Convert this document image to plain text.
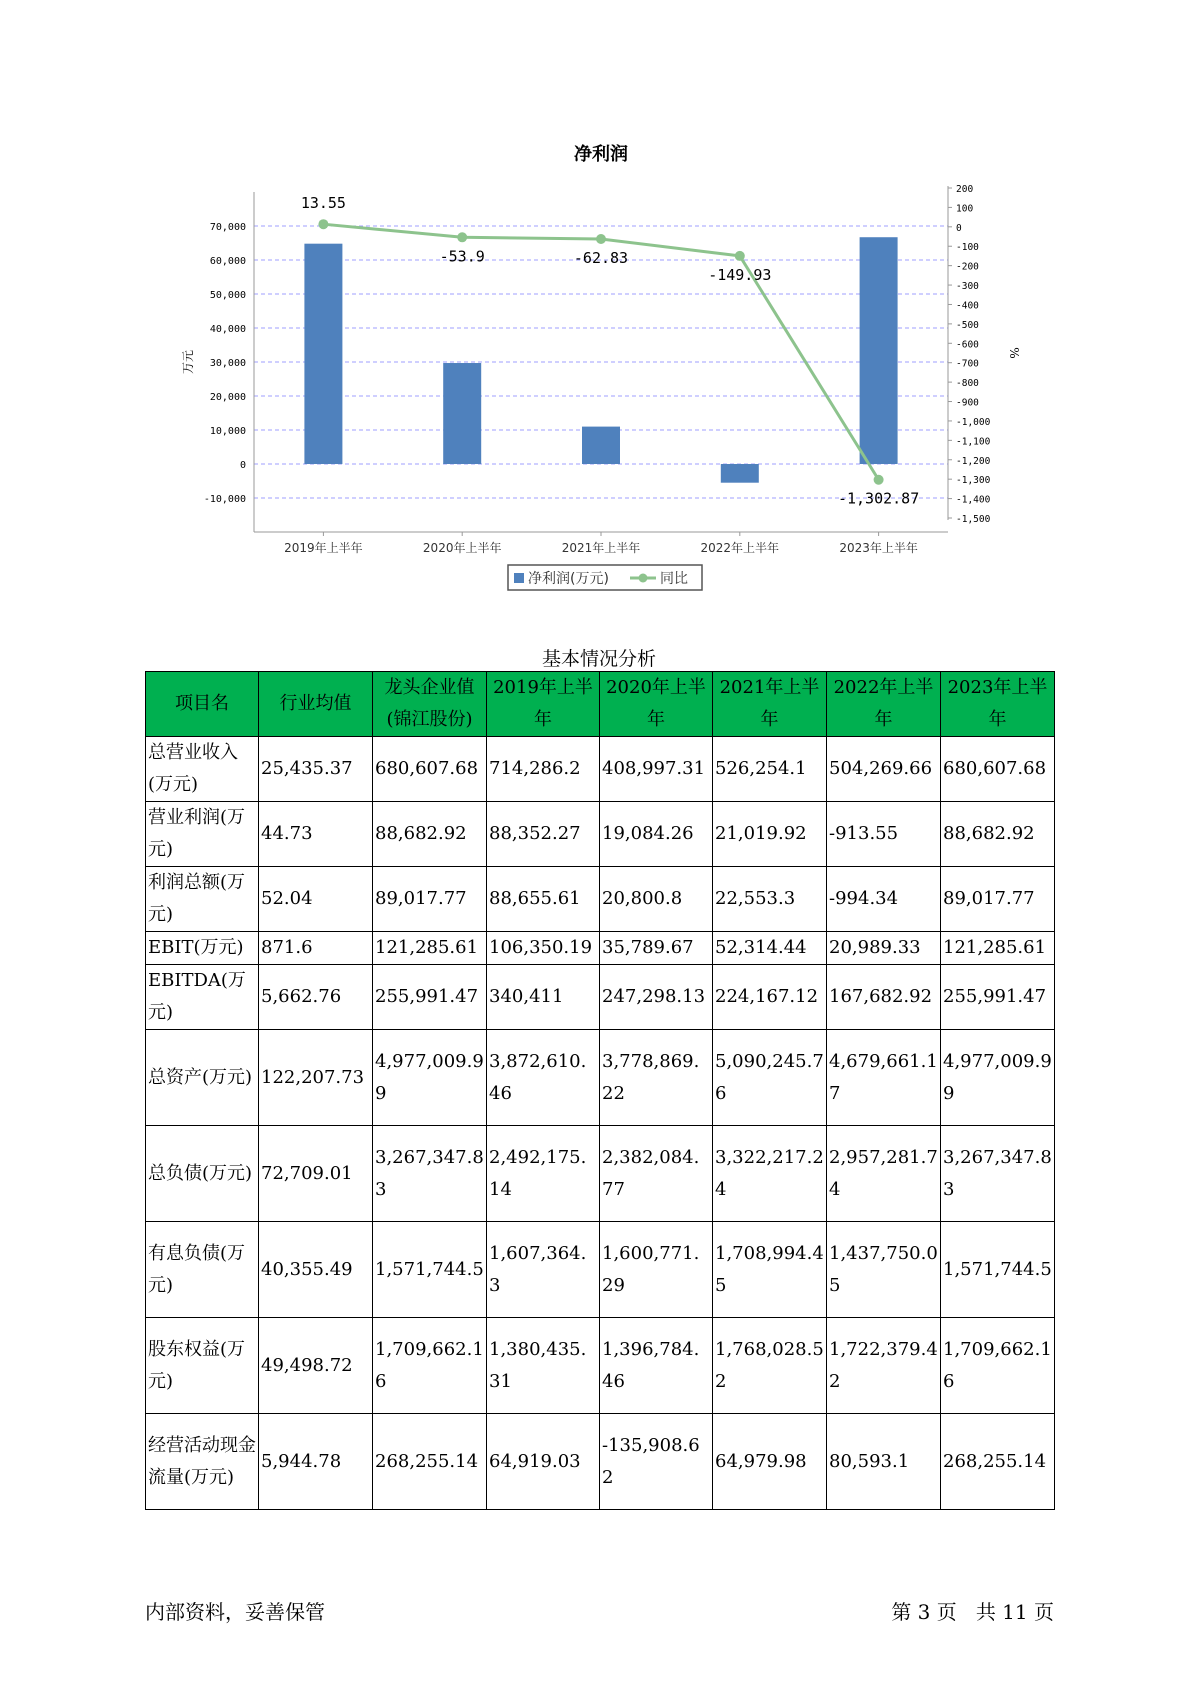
净利润
70,000
60,000
50,000
40,000
30,000
20,000
10,000
0
-10,000
200
100
0
-100
-200
-300
-400
-500
-600
-700
-800
-900
-1,000
-1,100
-1,200
-1,300
-1,400
-1,500
万元	%
2019年上半年	2020年上半年	2021年上半年	2022年上半年	2023年上半年
13.55
-53.9	-62.83
-149.93
-1,302.87
净利润(万元)	同比
基本情况分析
项目名	行业均值	龙头企业值(锦江股份)	2019年上半年	2020年上半年	2021年上半年	2022年上半年	2023年上半年
总营业收入(万元)	25,435.37	680,607.68	714,286.2	408,997.31	526,254.1	504,269.66	680,607.68
营业利润(万元)	44.73	88,682.92	88,352.27	19,084.26	21,019.92	-913.55	88,682.92
利润总额(万元)	52.04	89,017.77	88,655.61	20,800.8	22,553.3	-994.34	89,017.77
EBIT(万元)	871.6	121,285.61	106,350.19	35,789.67	52,314.44	20,989.33	121,285.61
EBITDA(万元)	5,662.76	255,991.47	340,411	247,298.13	224,167.12	167,682.92	255,991.47
总资产(万元)	122,207.73	4,977,009.99	3,872,610.46	3,778,869.22	5,090,245.76	4,679,661.17	4,977,009.99
总负债(万元)	72,709.01	3,267,347.83	2,492,175.14	2,382,084.77	3,322,217.24	2,957,281.74	3,267,347.83
有息负债(万元)	40,355.49	1,571,744.5	1,607,364.3	1,600,771.29	1,708,994.45	1,437,750.05	1,571,744.5
股东权益(万元)	49,498.72	1,709,662.16	1,380,435.31	1,396,784.46	1,768,028.52	1,722,379.42	1,709,662.16
经营活动现金流量(万元)	5,944.78	268,255.14	64,919.03	-135,908.62	64,979.98	80,593.1	268,255.14
内部资料，妥善保管	第 3 页   共 11 页
